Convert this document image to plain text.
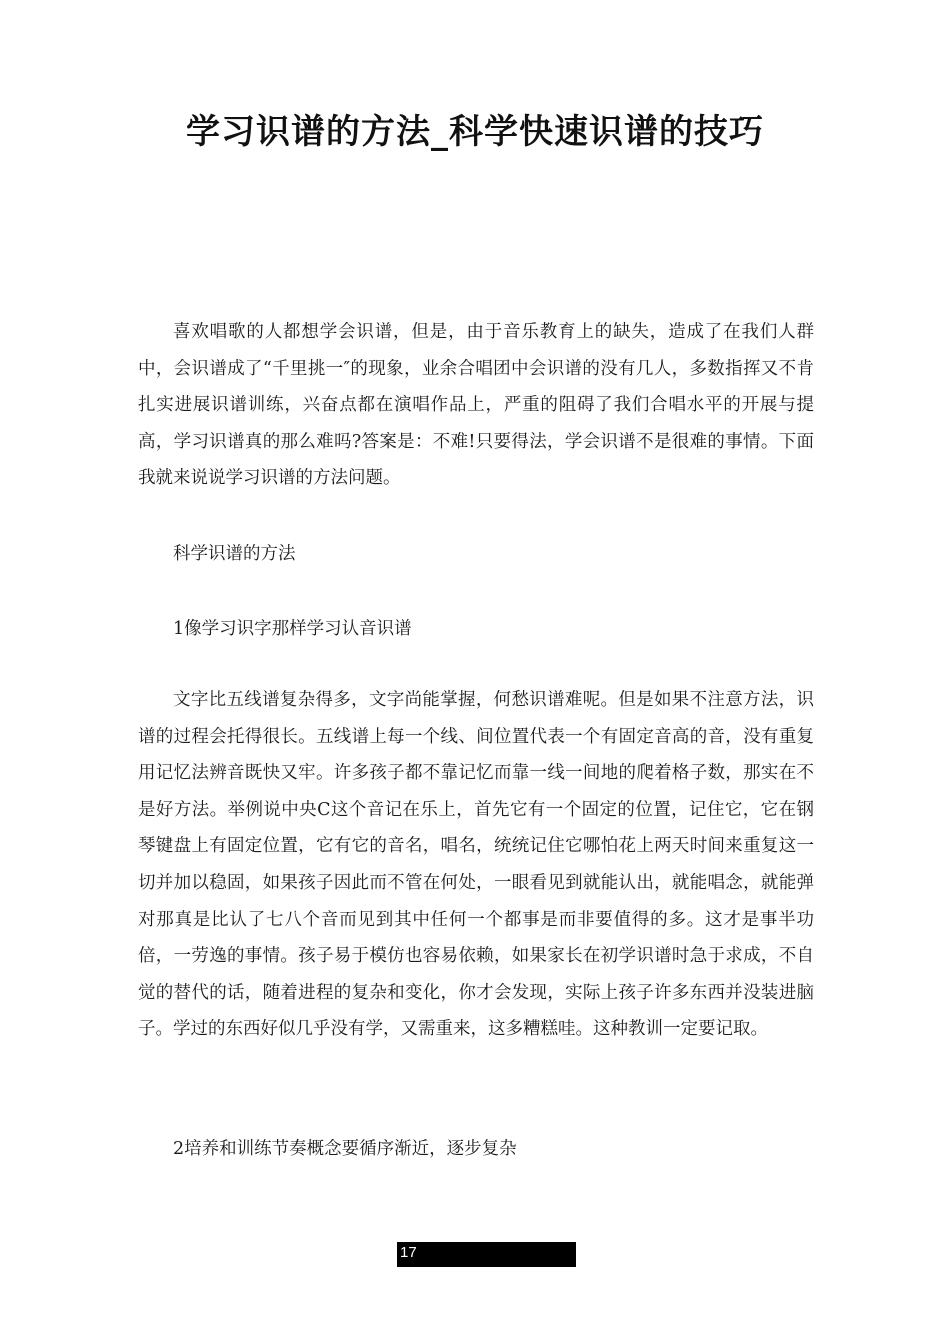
学习识谱的方法_科学快速识谱的技巧

喜欢唱歌的人都想学会识谱，但是，由于音乐教育上的缺失，造成了在我们人群中，会识谱成了“千里挑一″的现象，业余合唱团中会识谱的没有几人，多数指挥又不肯扎实进展识谱训练，兴奋点都在演唱作品上，严重的阻碍了我们合唱水平的开展与提高，学习识谱真的那么难吗?答案是：不难!只要得法，学会识谱不是很难的事情。下面我就来说说学习识谱的方法问题。

科学识谱的方法

1像学习识字那样学习认音识谱

文字比五线谱复杂得多，文字尚能掌握，何愁识谱难呢。但是如果不注意方法，识谱的过程会托得很长。五线谱上每一个线、间位置代表一个有固定音高的音，没有重复用记忆法辨音既快又牢。许多孩子都不靠记忆而靠一线一间地的爬着格子数，那实在不是好方法。举例说中央C这个音记在乐上，首先它有一个固定的位置，记住它，它在钢琴键盘上有固定位置，它有它的音名，唱名，统统记住它哪怕花上两天时间来重复这一切并加以稳固，如果孩子因此而不管在何处，一眼看见到就能认出，就能唱念，就能弹对那真是比认了七八个音而见到其中任何一个都事是而非要值得的多。这才是事半功倍，一劳逸的事情。孩子易于模仿也容易依赖，如果家长在初学识谱时急于求成，不自觉的替代的话，随着进程的复杂和变化，你才会发现，实际上孩子许多东西并没装进脑子。学过的东西好似几乎没有学，又需重来，这多糟糕哇。这种教训一定要记取。

2培养和训练节奏概念要循序渐近，逐步复杂

17
